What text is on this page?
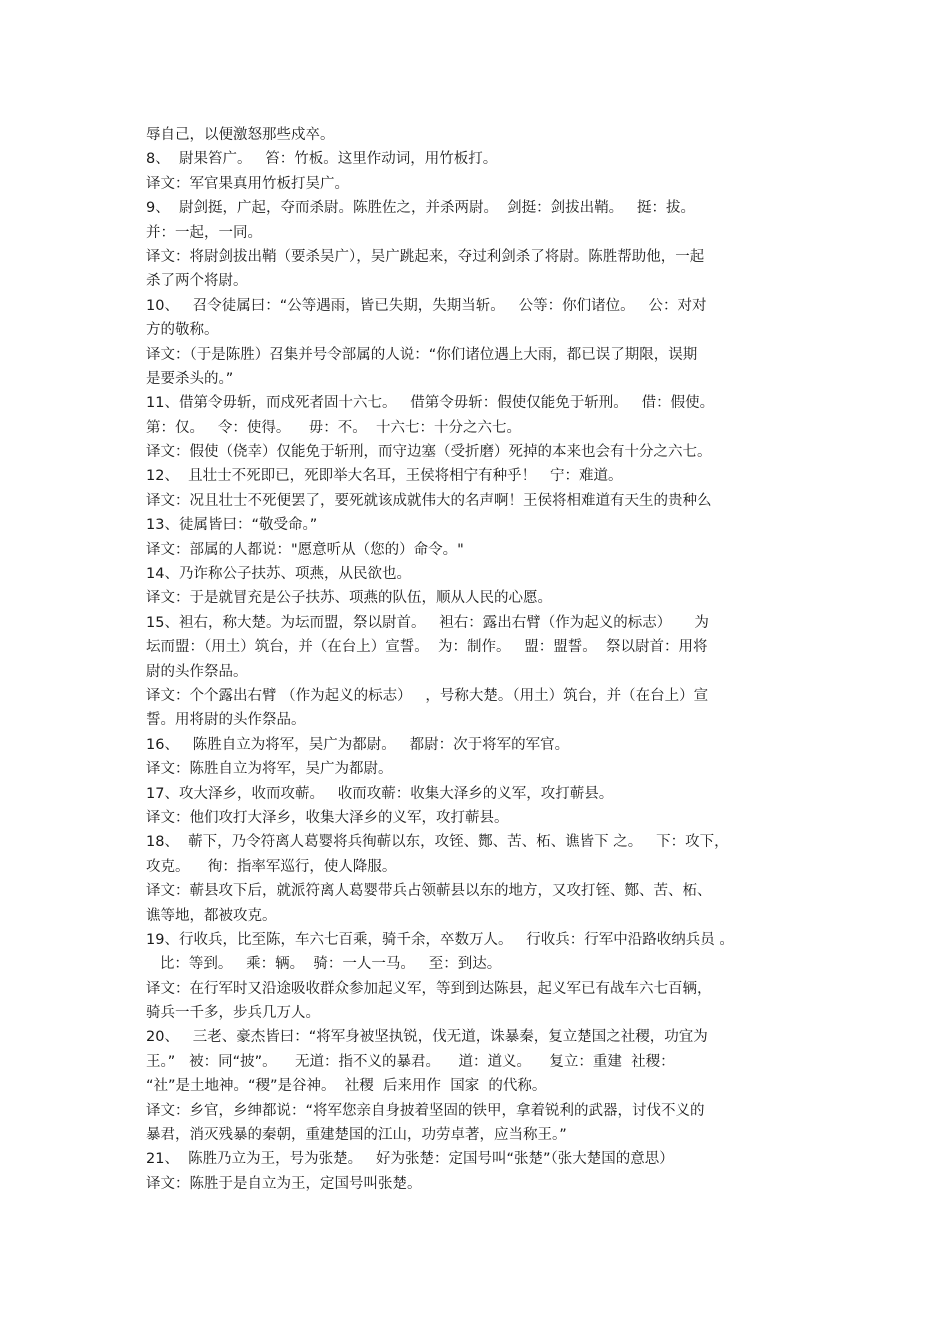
辱自己，以便激怒那些戍卒。
8、  尉果笞广。   笞：竹板。这里作动词，用竹板打。
译文：军官果真用竹板打吴广。
9、  尉剑挺，广起，夺而杀尉。陈胜佐之，并杀两尉。  剑挺：剑拔出鞘。   挺：拔。
并：一起，一同。
译文：将尉剑拔出鞘（要杀吴广），吴广跳起来，夺过利剑杀了将尉。陈胜帮助他，一起
杀了两个将尉。
10、   召令徒属曰：“公等遇雨，皆已失期，失期当斩。   公等：你们诸位。   公：对对
方的敬称。
译文：（于是陈胜）召集并号令部属的人说：“你们诸位遇上大雨，都已误了期限，误期
是要杀头的。”
11、借第令毋斩，而戍死者固十六七。   借第令毋斩：假使仅能免于斩刑。   借：假使。
第：仅。   令：使得。    毋：不。  十六七：十分之六七。
译文：假使（侥幸）仅能免于斩刑，而守边塞（受折磨）死掉的本来也会有十分之六七。
12、  且壮士不死即已，死即举大名耳，王侯将相宁有种乎！   宁：难道。
译文：况且壮士不死便罢了，要死就该成就伟大的名声啊！王侯将相难道有天生的贵种么
13、徒属皆曰：“敬受命。”
译文：部属的人都说："愿意听从（您的）命令。"
14、乃诈称公子扶苏、项燕，从民欲也。
译文：于是就冒充是公子扶苏、项燕的队伍，顺从人民的心愿。
15、袒右，称大楚。为坛而盟，祭以尉首。   袒右：露出右臂（作为起义的标志）     为
坛而盟：（用土）筑台，并（在台上）宣誓。  为：制作。   盟：盟誓。  祭以尉首：用将
尉的头作祭品。
译文：个个露出右臂 （作为起义的标志）   ，号称大楚。（用土）筑台，并（在台上）宣
誓。用将尉的头作祭品。
16、   陈胜自立为将军，吴广为都尉。   都尉：次于将军的军官。
译文：陈胜自立为将军，吴广为都尉。
17、攻大泽乡，收而攻蕲。   收而攻蕲：收集大泽乡的义军，攻打蕲县。
译文：他们攻打大泽乡，收集大泽乡的义军，攻打蕲县。
18、  蕲下，乃令符离人葛婴将兵徇蕲以东，攻铚、酂、苦、柘、谯皆下 之。   下：攻下，
攻克。    徇：指率军巡行，使人降服。
译文：蕲县攻下后，就派符离人葛婴带兵占领蕲县以东的地方，又攻打铚、酂、苦、柘、
谯等地，都被攻克。
19、行收兵，比至陈，车六七百乘，骑千余，卒数万人。   行收兵：行军中沿路收纳兵员 。
比：等到。   乘：辆。  骑：一人一马。   至：到达。
译文：在行军时又沿途吸收群众参加起义军，等到到达陈县，起义军已有战车六七百辆，
骑兵一千多，步兵几万人。
20、   三老、豪杰皆曰：“将军身被坚执锐，伐无道，诛暴秦，复立楚国之社稷，功宜为
王。”   被：同“披”。    无道：指不义的暴君。    道：道义。    复立：重建  社稷：
“社”是土地神。“稷”是谷神。  社稷  后来用作  国家  的代称。
译文：乡官，乡绅都说：“将军您亲自身披着坚固的铁甲，拿着锐利的武器，讨伐不义的
暴君，消灭残暴的秦朝，重建楚国的江山，功劳卓著，应当称王。”
21、  陈胜乃立为王，号为张楚。   好为张楚：定国号叫“张楚”（张大楚国的意思）
译文：陈胜于是自立为王，定国号叫张楚。
